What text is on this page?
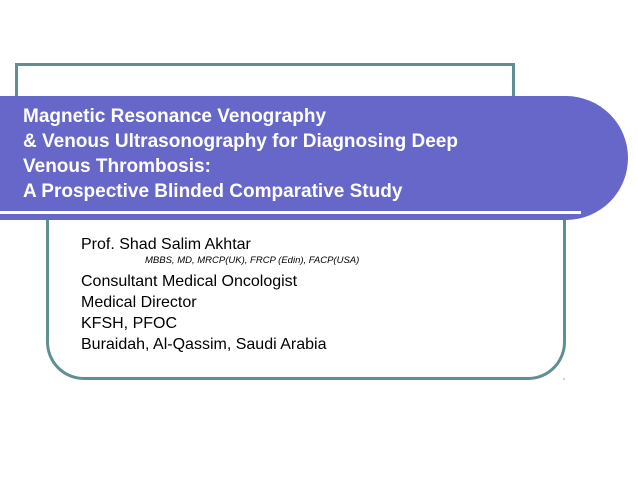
Magnetic Resonance Venography
& Venous Ultrasonography for Diagnosing Deep
Venous Thrombosis:
A Prospective Blinded Comparative Study
Prof. Shad Salim Akhtar
MBBS, MD, MRCP(UK), FRCP (Edin), FACP(USA)
Consultant Medical Oncologist
Medical Director
KFSH, PFOC
Buraidah, Al-Qassim, Saudi Arabia
